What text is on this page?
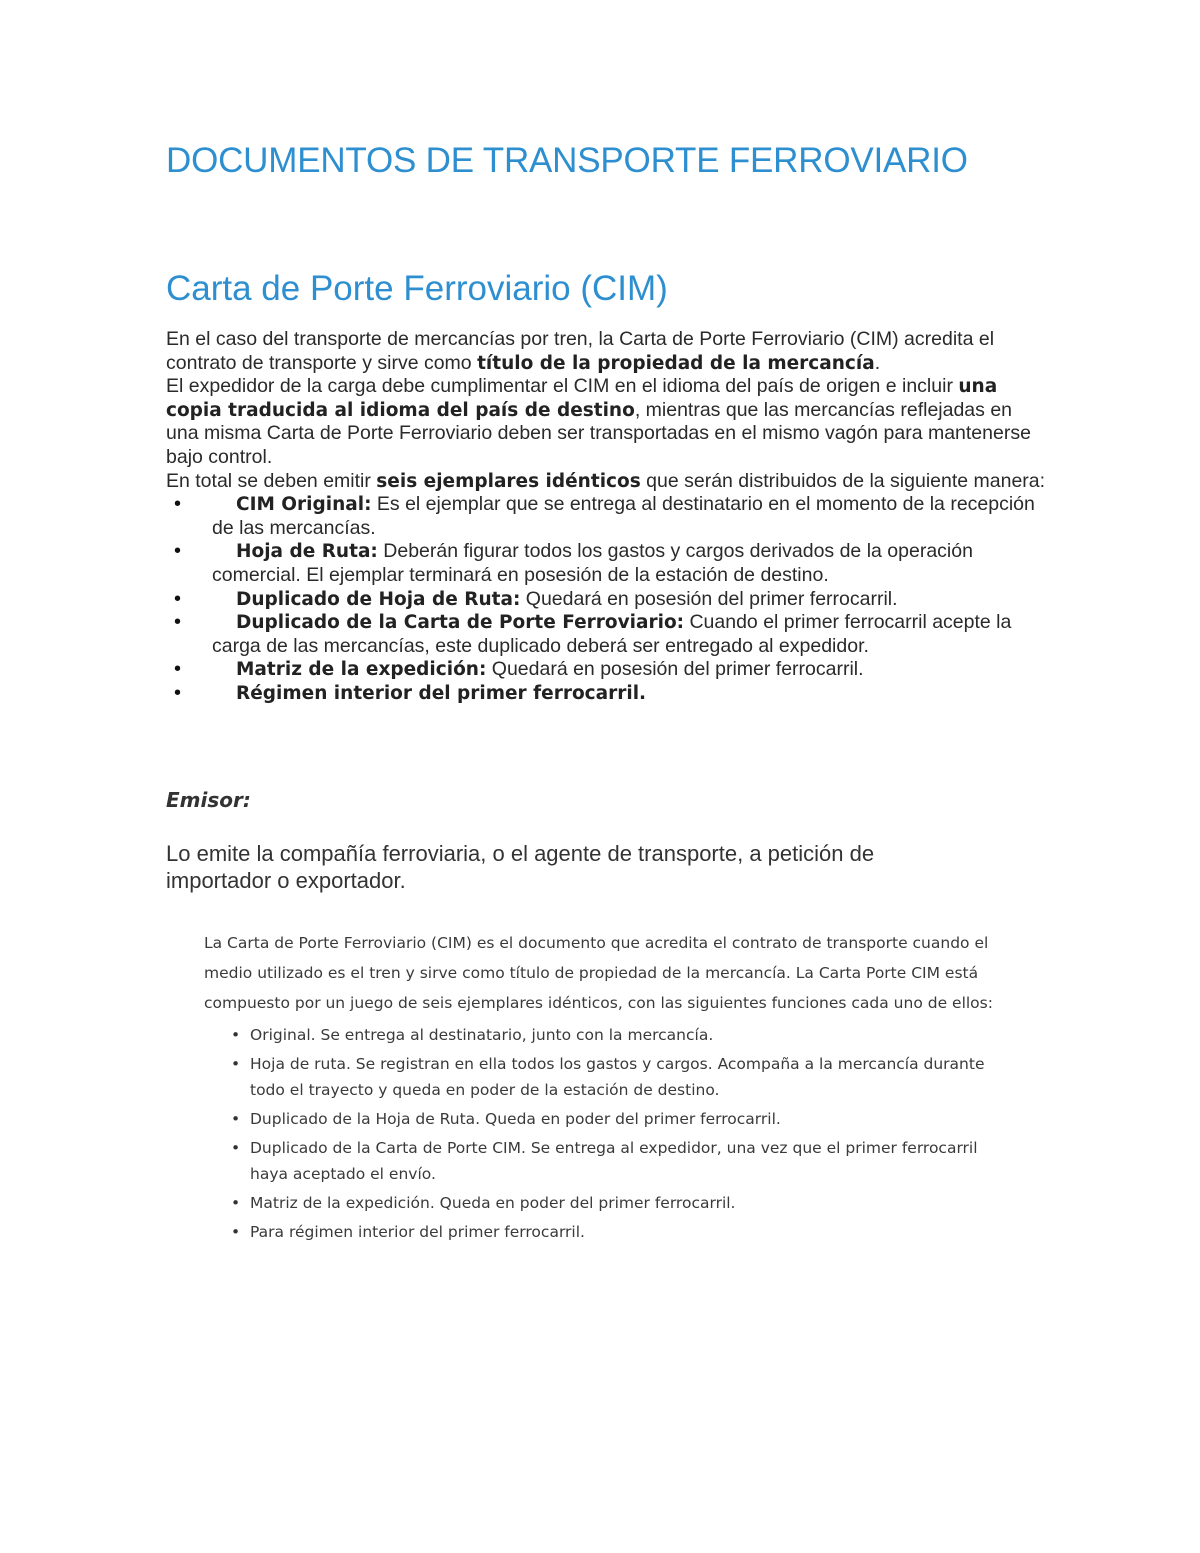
DOCUMENTOS DE TRANSPORTE FERROVIARIO
Carta de Porte Ferroviario (CIM)

En el caso del transporte de mercancías por tren, la Carta de Porte Ferroviario (CIM) acredita el contrato de transporte y sirve como título de la propiedad de la mercancía.

El expedidor de la carga debe cumplimentar el CIM en el idioma del país de origen e incluir una copia traducida al idioma del país de destino, mientras que las mercancías reflejadas en una misma Carta de Porte Ferroviario deben ser transportadas en el mismo vagón para mantenerse bajo control.

En total se deben emitir seis ejemplares idénticos que serán distribuidos de la siguiente manera:

•	CIM Original: Es el ejemplar que se entrega al destinatario en el momento de la recepción de las mercancías.
•	Hoja de Ruta: Deberán figurar todos los gastos y cargos derivados de la operación comercial. El ejemplar terminará en posesión de la estación de destino.
•	Duplicado de Hoja de Ruta: Quedará en posesión del primer ferrocarril.
•	Duplicado de la Carta de Porte Ferroviario: Cuando el primer ferrocarril acepte la carga de las mercancías, este duplicado deberá ser entregado al expedidor.
•	Matriz de la expedición: Quedará en posesión del primer ferrocarril.
•	Régimen interior del primer ferrocarril.
Emisor:
Lo emite la compañía ferroviaria, o el agente de transporte, a petición de importador o exportador.

La Carta de Porte Ferroviario (CIM) es el documento que acredita el contrato de transporte cuando el medio utilizado es el tren y sirve como título de propiedad de la mercancía. La Carta Porte CIM está compuesto por un juego de seis ejemplares idénticos, con las siguientes funciones cada uno de ellos:

• Original. Se entrega al destinatario, junto con la mercancía.
• Hoja de ruta. Se registran en ella todos los gastos y cargos. Acompaña a la mercancía durante todo el trayecto y queda en poder de la estación de destino.
• Duplicado de la Hoja de Ruta. Queda en poder del primer ferrocarril.
• Duplicado de la Carta de Porte CIM. Se entrega al expedidor, una vez que el primer ferrocarril haya aceptado el envío.
• Matriz de la expedición. Queda en poder del primer ferrocarril.
• Para régimen interior del primer ferrocarril.
